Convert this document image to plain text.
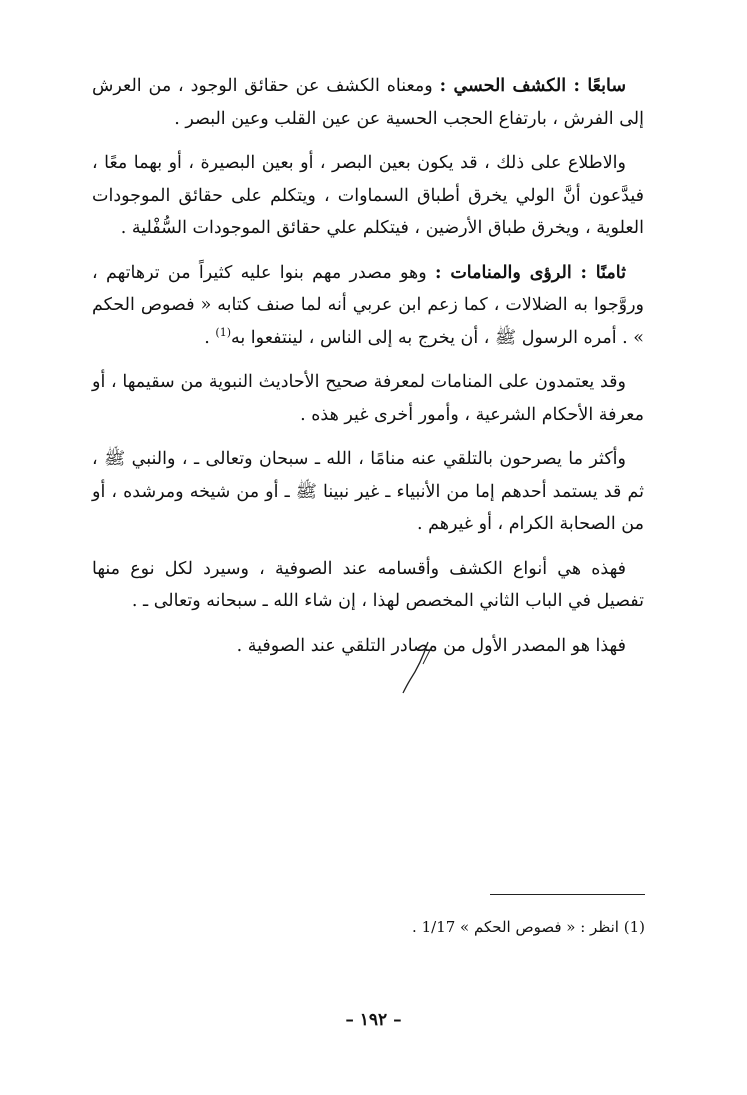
سابعًا : الكشف الحسي : ومعناه الكشف عن حقائق الوجود ، من العرش إلى الفرش ، بارتفاع الحجب الحسية عن عين القلب وعين البصر .

والاطلاع على ذلك ، قد يكون بعين البصر ، أو بعين البصيرة ، أو بهما معًا ، فيدَّعون أنَّ الولي يخرق أطباق السماوات ، ويتكلم على حقائق الموجودات العلوية ، ويخرق طباق الأرضين ، فيتكلم علي حقائق الموجودات السُّفْلية .

ثامنًا : الرؤى والمنامات : وهو مصدر مهم بنوا عليه كثيراً من ترهاتهم ، وروَّجوا به الضلالات ، كما زعم ابن عربي أنه لما صنف كتابه « فصوص الحكم » . أمره الرسول ﷺ ، أن يخرج به إلى الناس ، لينتفعوا به$^{(1)}$ .

وقد يعتمدون على المنامات لمعرفة صحيح الأحاديث النبوية من سقيمها ، أو معرفة الأحكام الشرعية ، وأمور أخرى غير هذه .

وأكثر ما يصرحون بالتلقي عنه منامًا ، الله ـ سبحان وتعالى ـ ، والنبي ﷺ ، ثم قد يستمد أحدهم إما من الأنبياء ـ غير نبينا ﷺ ـ أو من شيخه ومرشده ، أو من الصحابة الكرام ، أو غيرهم .

فهذه هي أنواع الكشف وأقسامه عند الصوفية ، وسيرد لكل نوع منها تفصيل في الباب الثاني المخصص لهذا ، إن شاء الله ـ سبحانه وتعالى ـ .

فهذا هو المصدر الأول من مصادر التلقي عند الصوفية .

(1) انظر : « فصوص الحكم » 1/17 .
– ١٩٢ –
